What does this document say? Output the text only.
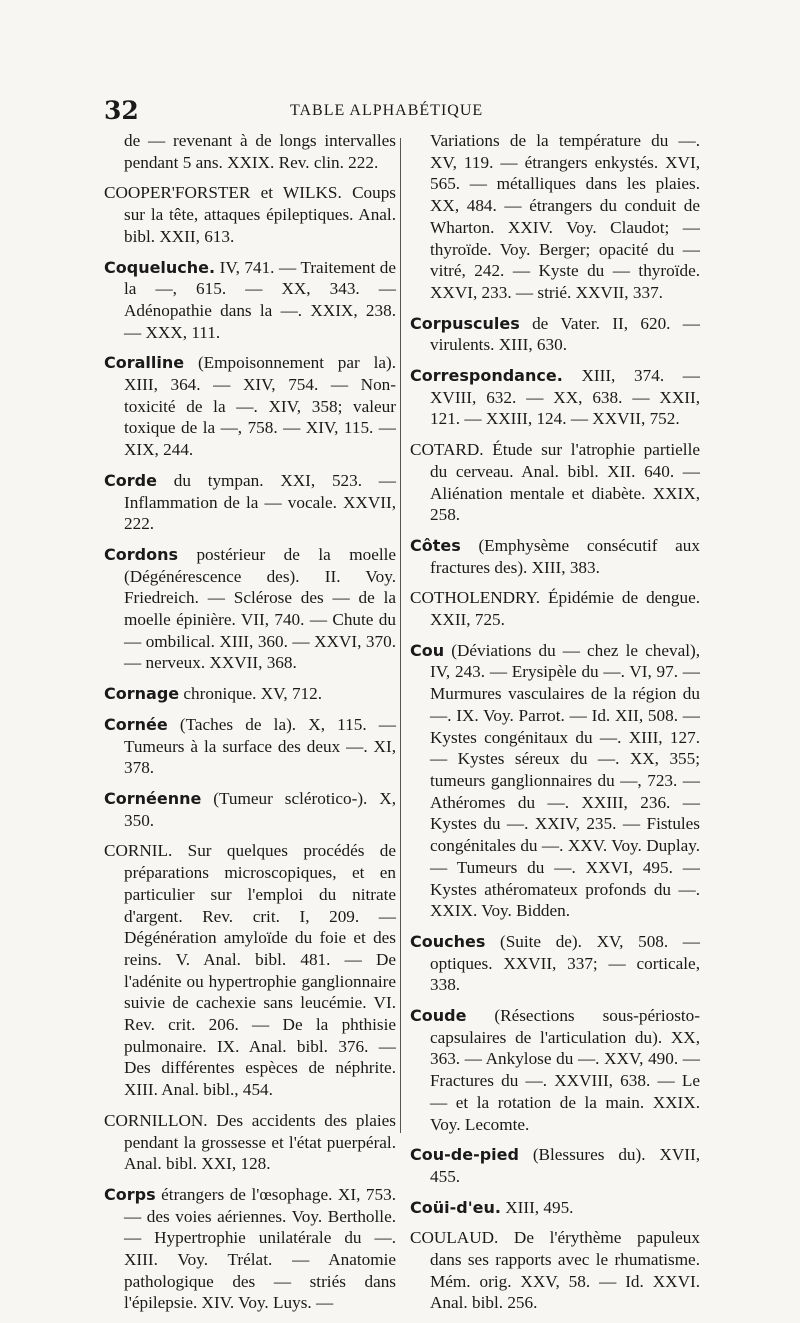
32	TABLE ALPHABÉTIQUE

de — revenant à de longs intervalles pendant 5 ans. XXIX. Rev. clin. 222.

COOPER'FORSTER et WILKS. Coups sur la tête, attaques épileptiques. Anal. bibl. XXII, 613.

Coqueluche. IV, 741. — Traitement de la —, 615. — XX, 343. — Adénopathie dans la —. XXIX, 238. — XXX, 111.

Coralline (Empoisonnement par la). XIII, 364. — XIV, 754. — Non-toxicité de la —. XIV, 358; valeur toxique de la —, 758. — XIV, 115. — XIX, 244.

Corde du tympan. XXI, 523. — Inflammation de la — vocale. XXVII, 222.

Cordons postérieur de la moelle (Dégénérescence des). II. Voy. Friedreich. — Sclérose des — de la moelle épinière. VII, 740. — Chute du — ombilical. XIII, 360. — XXVI, 370. — nerveux. XXVII, 368.

Cornage chronique. XV, 712.

Cornée (Taches de la). X, 115. — Tumeurs à la surface des deux —. XI, 378.

Cornéenne (Tumeur sclérotico-). X, 350.

CORNIL. Sur quelques procédés de préparations microscopiques, et en particulier sur l'emploi du nitrate d'argent. Rev. crit. I, 209. — Dégénération amyloïde du foie et des reins. V. Anal. bibl. 481. — De l'adénite ou hypertrophie ganglionnaire suivie de cachexie sans leucémie. VI. Rev. crit. 206. — De la phthisie pulmonaire. IX. Anal. bibl. 376. — Des différentes espèces de néphrite. XIII. Anal. bibl., 454.

CORNILLON. Des accidents des plaies pendant la grossesse et l'état puerpéral. Anal. bibl. XXI, 128.

Corps étrangers de l'œsophage. XI, 753. — des voies aériennes. Voy. Bertholle. — Hypertrophie unilatérale du —. XIII. Voy. Trélat. — Anatomie pathologique des — striés dans l'épilepsie. XIV. Voy. Luys. —

Variations de la température du —. XV, 119. — étrangers enkystés. XVI, 565. — métalliques dans les plaies. XX, 484. — étrangers du conduit de Wharton. XXIV. Voy. Claudot; — thyroïde. Voy. Berger; opacité du — vitré, 242. — Kyste du — thyroïde. XXVI, 233. — strié. XXVII, 337.

Corpuscules de Vater. II, 620. — virulents. XIII, 630.

Correspondance. XIII, 374. — XVIII, 632. — XX, 638. — XXII, 121. — XXIII, 124. — XXVII, 752.

COTARD. Étude sur l'atrophie partielle du cerveau. Anal. bibl. XII. 640. — Aliénation mentale et diabète. XXIX, 258.

Côtes (Emphysème consécutif aux fractures des). XIII, 383.

COTHOLENDRY. Épidémie de dengue. XXII, 725.

Cou (Déviations du — chez le cheval), IV, 243. — Erysipèle du —. VI, 97. — Murmures vasculaires de la région du —. IX. Voy. Parrot. — Id. XII, 508. — Kystes congénitaux du —. XIII, 127. — Kystes séreux du —. XX, 355; tumeurs ganglionnaires du —, 723. — Athéromes du —. XXIII, 236. — Kystes du —. XXIV, 235. — Fistules congénitales du —. XXV. Voy. Duplay. — Tumeurs du —. XXVI, 495. — Kystes athéromateux profonds du —. XXIX. Voy. Bidden.

Couches (Suite de). XV, 508. — optiques. XXVII, 337; — corticale, 338.

Coude (Résections sous-périosto-capsulaires de l'articulation du). XX, 363. — Ankylose du —. XXV, 490. — Fractures du —. XXVIII, 638. — Le — et la rotation de la main. XXIX. Voy. Lecomte.

Cou-de-pied (Blessures du). XVII, 455.

Coüi-d'eu. XIII, 495.

COULAUD. De l'érythème papuleux dans ses rapports avec le rhumatisme. Mém. orig. XXV, 58. — Id. XXVI. Anal. bibl. 256.
